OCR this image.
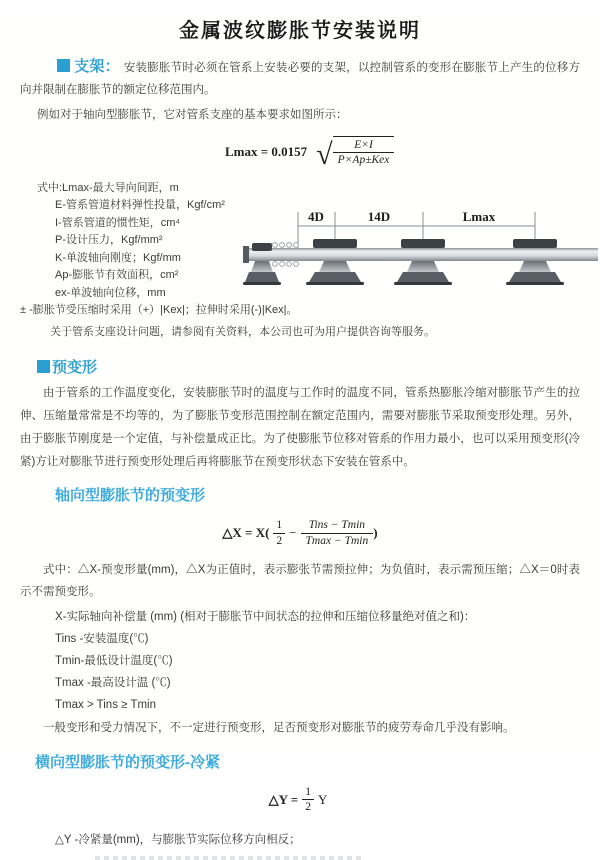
金属波纹膨胀节安装说明

支架： 安装膨胀节时必须在管系上安装必要的支架，以控制管系的变形在膨胀节上产生的位移方向并限制在膨胀节的额定位移范围内。

例如对于轴向型膨胀节，它对管系支座的基本要求如图所示：

Lmax = 0.0157 √ $\frac{E\times I}{\text{P×Ap±Kex}}$
式中:Lmax-最大导向间距，m
E-管系管道材料弹性投量，Kgf/cm²
I-管系管道的惯性矩，cm⁴
P-设计压力，Kgf/mm²
K-单波轴向刚度；Kgf/mm
Ap-膨胀节有效面积，cm²
ex-单波轴向位移，mm
± -膨胀节受压缩时采用（+）|Kex|；拉伸时采用(-)|Kex|。
关于管系支座设计问题，请参阅有关资料，本公司也可为用户提供咨询等服务。
4D	14D	Lmax
预变形

由于管系的工作温度变化，安装膨胀节时的温度与工作时的温度不同，管系热膨胀冷缩对膨胀节产生的拉伸、压缩量常常是不均等的，为了膨胀节变形范围控制在额定范围内，需要对膨胀节采取预变形处理。另外，由于膨胀节刚度是一个定值，与补偿量成正比。为了使膨胀节位移对管系的作用力最小，也可以采用预变形(冷紧)方让对膨胀节进行预变形处理后再将膨胀节在预变形状态下安装在管系中。

轴向型膨胀节的预变形
△X = $X( \frac{1}{2} - \frac{\text{Tins − Tmin}}{Tmax - Tmin}$ )

式中：△X-预变形量(mm)，△X为正值时，表示膨张节需预拉伸；为负值时，表示需预压缩；△X＝0时表示不需预变形。

X-实际轴向补偿量 (mm) (相对于膨胀节中间状态的拉伸和压缩位移量绝对值之和)：
Tins -安装温度(℃)
Tmin-最低设计温度(℃)
Tmax -最高设计温 (℃)
Tmax > Tins ≥ Tmin

一般变形和受力情况下，不一定进行预变形，足否预变形对膨胀节的疲劳寿命几乎没有影响。

横向型膨胀节的预变形-冷紧
△Y = $\frac{1}{2}$ Y
△Y -冷紧量(mm)，与膨胀节实际位移方向相反；
